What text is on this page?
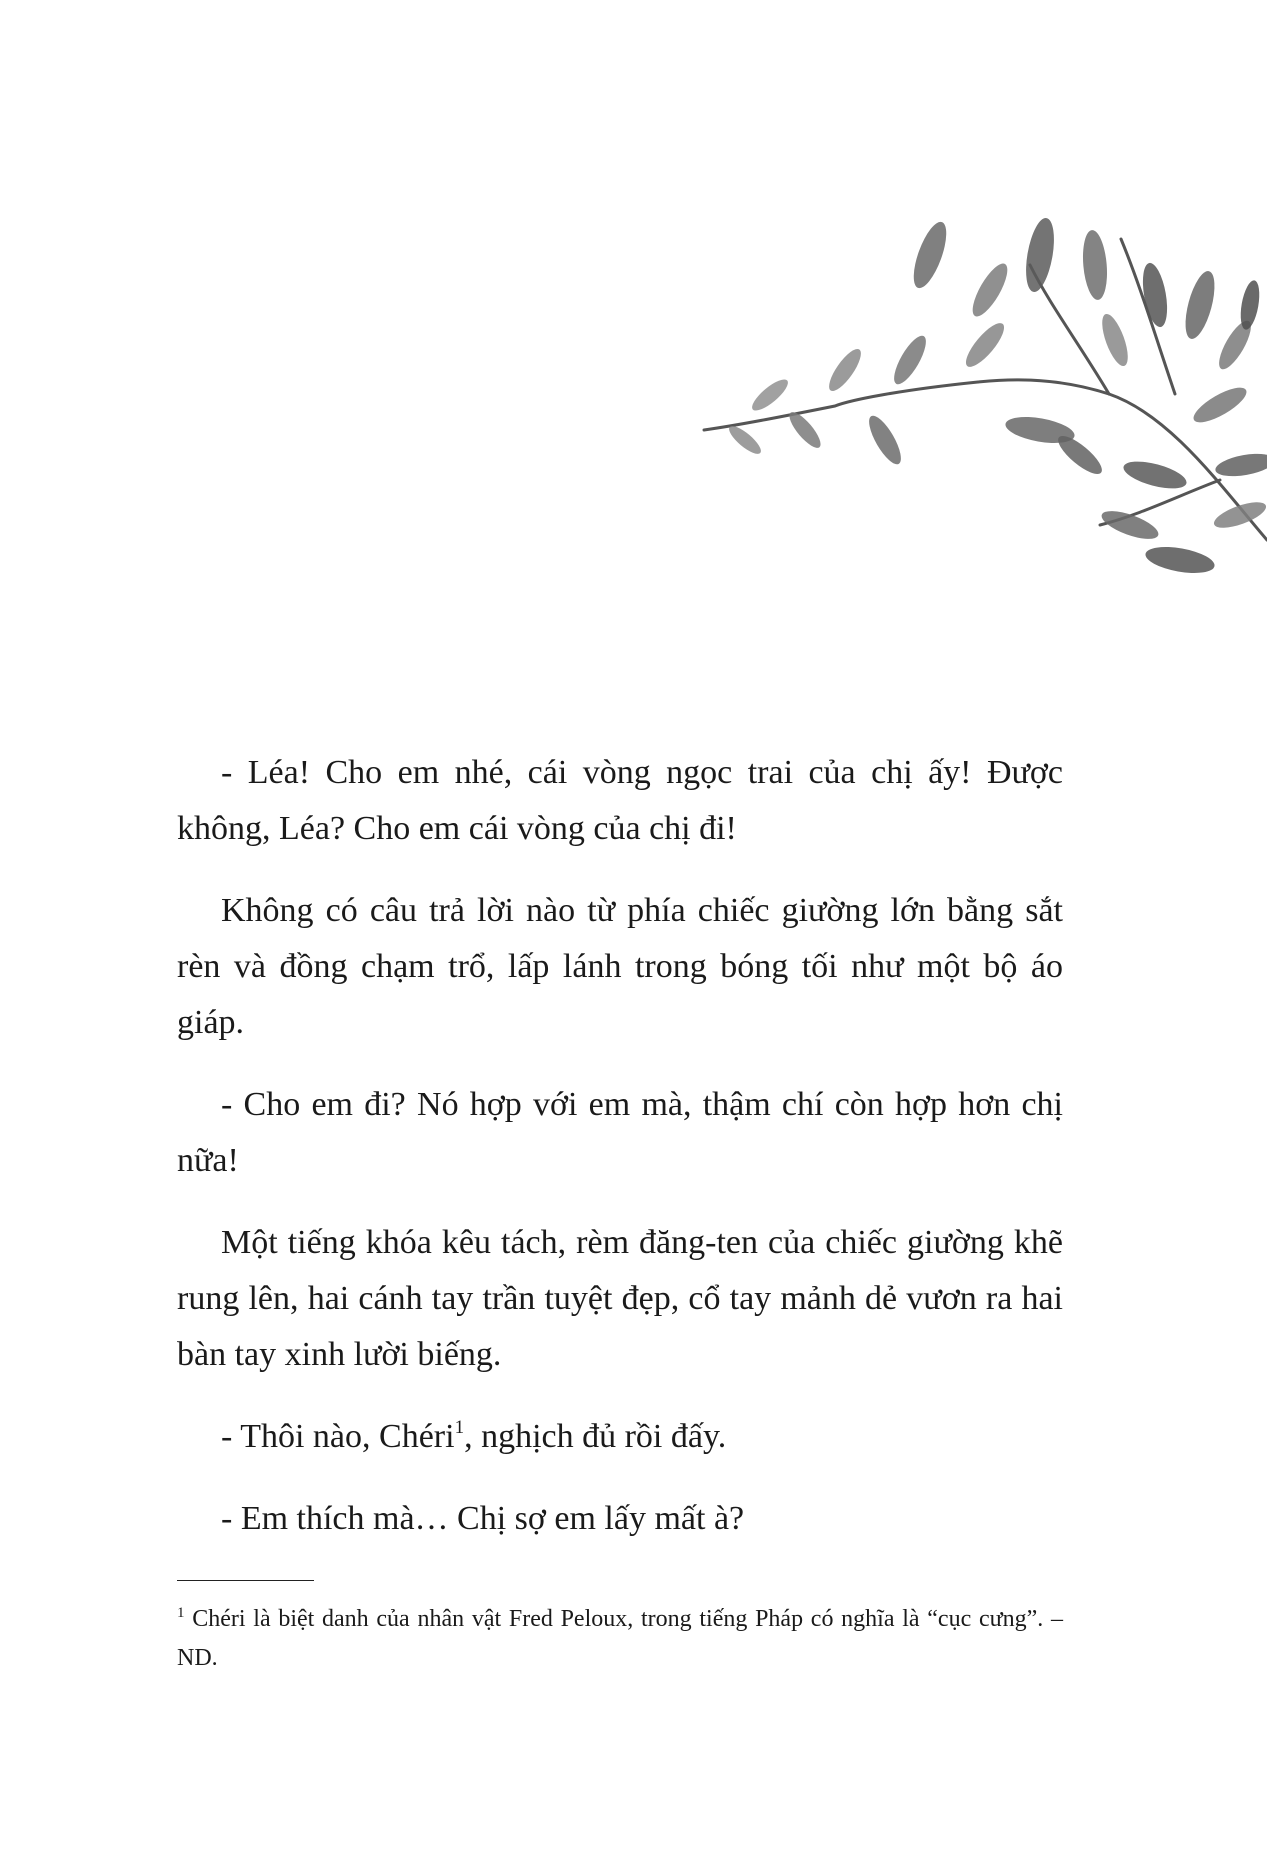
- Léa! Cho em nhé, cái vòng ngọc trai của chị ấy! Được không, Léa? Cho em cái vòng của chị đi!

Không có câu trả lời nào từ phía chiếc giường lớn bằng sắt rèn và đồng chạm trổ, lấp lánh trong bóng tối như một bộ áo giáp.

- Cho em đi? Nó hợp với em mà, thậm chí còn hợp hơn chị nữa!

Một tiếng khóa kêu tách, rèm đăng-ten của chiếc giường khẽ rung lên, hai cánh tay trần tuyệt đẹp, cổ tay mảnh dẻ vươn ra hai bàn tay xinh lười biếng.

- Thôi nào, Chéri$^1$, nghịch đủ rồi đấy.

- Em thích mà… Chị sợ em lấy mất à?

$^1$ Chéri là biệt danh của nhân vật Fred Peloux, trong tiếng Pháp có nghĩa là “cục cưng”. – ND.
